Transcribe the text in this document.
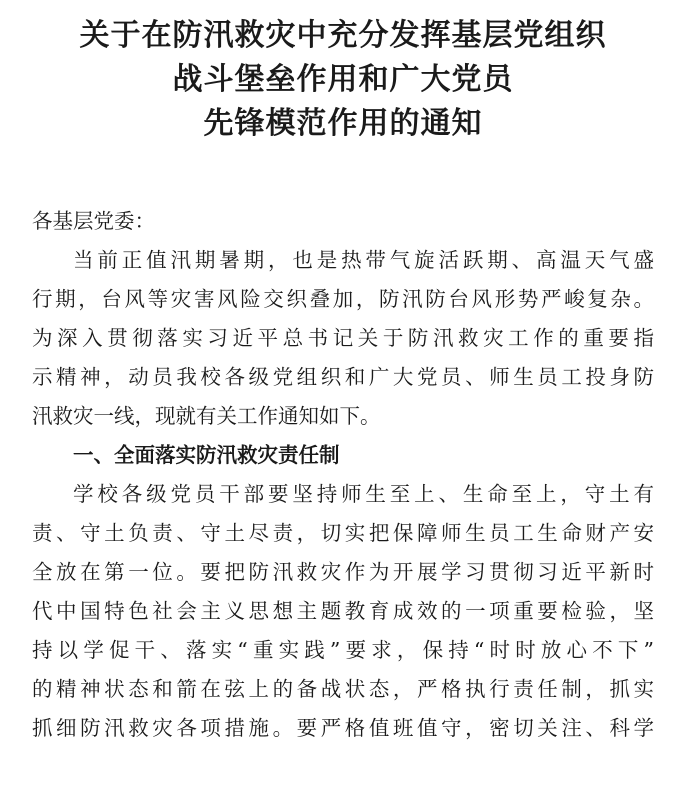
关于在防汛救灾中充分发挥基层党组织
战斗堡垒作用和广大党员
先锋模范作用的通知

各基层党委：

当前正值汛期暑期，也是热带气旋活跃期、高温天气盛
行期，台风等灾害风险交织叠加，防汛防台风形势严峻复杂。
为深入贯彻落实习近平总书记关于防汛救灾工作的重要指
示精神，动员我校各级党组织和广大党员、师生员工投身防
汛救灾一线，现就有关工作通知如下。
一、全面落实防汛救灾责任制
学校各级党员干部要坚持师生至上、生命至上，守土有
责、守土负责、守土尽责，切实把保障师生员工生命财产安
全放在第一位。要把防汛救灾作为开展学习贯彻习近平新时
代中国特色社会主义思想主题教育成效的一项重要检验，坚
持以学促干、落实“重实践”要求，保持“时时放心不下”
的精神状态和箭在弦上的备战状态，严格执行责任制，抓实
抓细防汛救灾各项措施。要严格值班值守，密切关注、科学
